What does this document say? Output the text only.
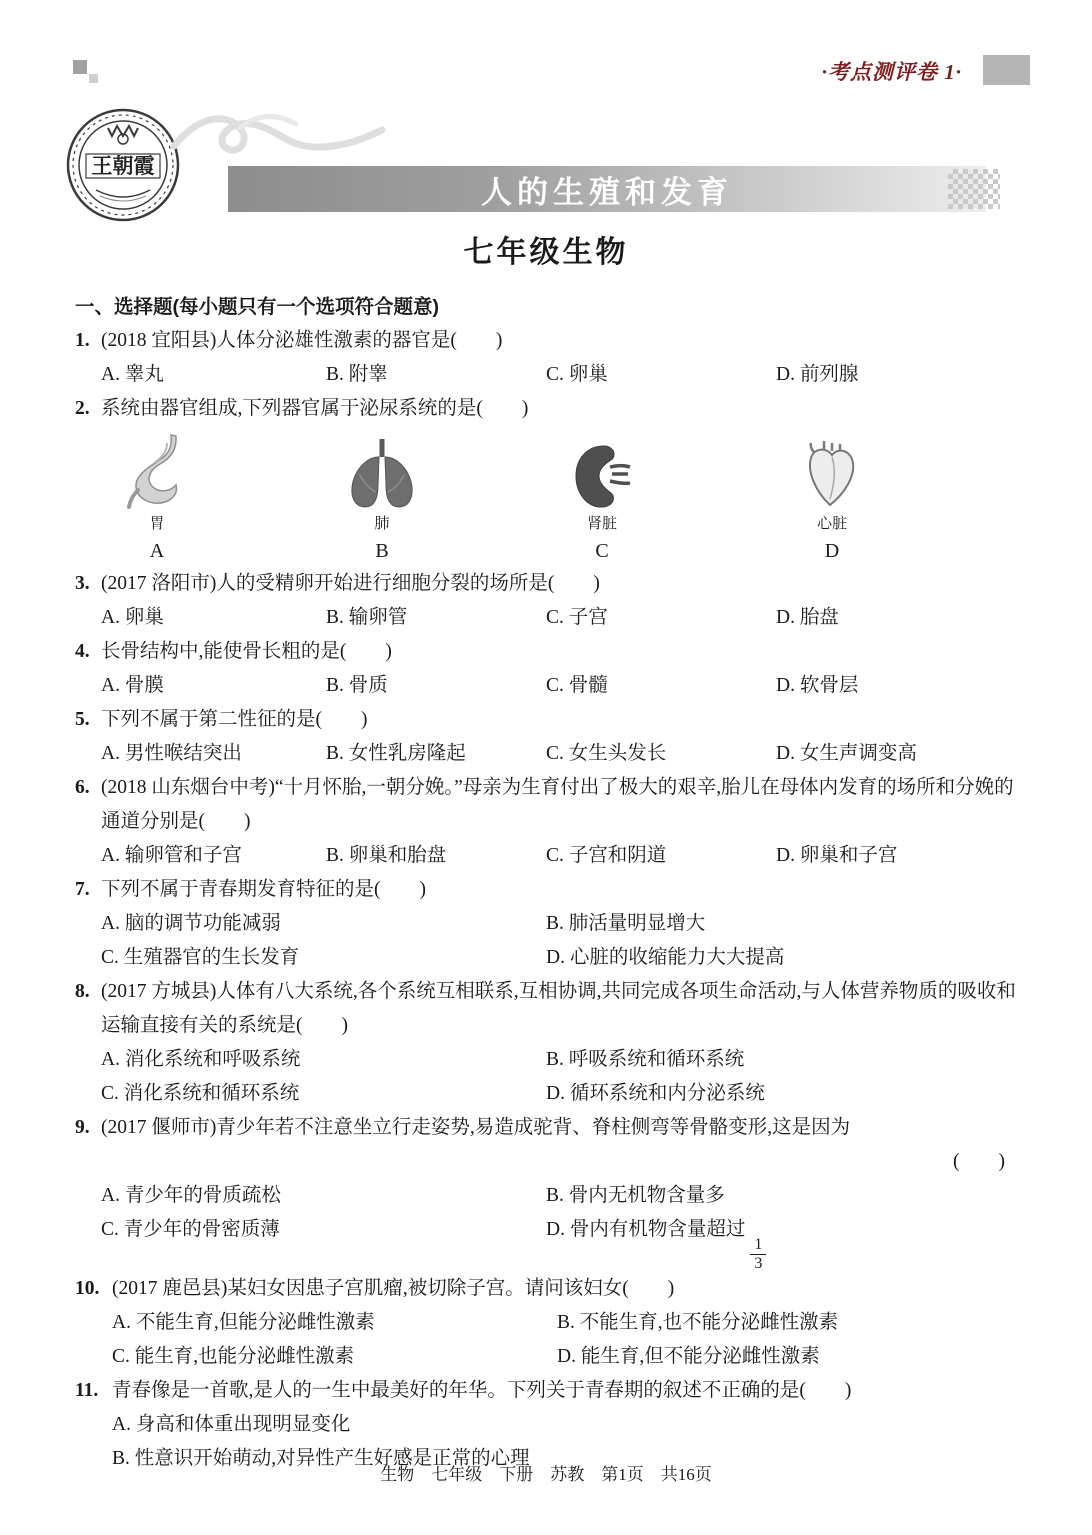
·考点测评卷 1·
王朝霞
人的生殖和发育
七年级生物
一、选择题(每小题只有一个选项符合题意)
1. (2018 宜阳县)人体分泌雄性激素的器官是(　　)
A. 睾丸	B. 附睾	C. 卵巢	D. 前列腺
2. 系统由器官组成,下列器官属于泌尿系统的是(　　)
胃	肺	肾脏	心脏
A	B	C	D
3. (2017 洛阳市)人的受精卵开始进行细胞分裂的场所是(　　)
A. 卵巢	B. 输卵管	C. 子宫	D. 胎盘
4. 长骨结构中,能使骨长粗的是(　　)
A. 骨膜	B. 骨质	C. 骨髓	D. 软骨层
5. 下列不属于第二性征的是(　　)
A. 男性喉结突出	B. 女性乳房隆起	C. 女生头发长	D. 女生声调变高
6. (2018 山东烟台中考)“十月怀胎,一朝分娩。”母亲为生育付出了极大的艰辛,胎儿在母体内发育的场所和分娩的通道分别是(　　)
A. 输卵管和子宫	B. 卵巢和胎盘	C. 子宫和阴道	D. 卵巢和子宫
7. 下列不属于青春期发育特征的是(　　)
A. 脑的调节功能减弱	B. 肺活量明显增大
C. 生殖器官的生长发育	D. 心脏的收缩能力大大提高
8. (2017 方城县)人体有八大系统,各个系统互相联系,互相协调,共同完成各项生命活动,与人体营养物质的吸收和运输直接有关的系统是(　　)
A. 消化系统和呼吸系统	B. 呼吸系统和循环系统
C. 消化系统和循环系统	D. 循环系统和内分泌系统
9. (2017 偃师市)青少年若不注意坐立行走姿势,易造成驼背、脊柱侧弯等骨骼变形,这是因为
(　　)
A. 青少年的骨质疏松	B. 骨内无机物含量多
C. 青少年的骨密质薄	D. 骨内有机物含量超过
$\frac{1}{3}$
10. (2017 鹿邑县)某妇女因患子宫肌瘤,被切除子宫。请问该妇女(　　)
A. 不能生育,但能分泌雌性激素	B. 不能生育,也不能分泌雌性激素
C. 能生育,也能分泌雌性激素	D. 能生育,但不能分泌雌性激素
11. 青春像是一首歌,是人的一生中最美好的年华。下列关于青春期的叙述不正确的是(　　)
A. 身高和体重出现明显变化
B. 性意识开始萌动,对异性产生好感是正常的心理
生物　七年级　下册　苏教　第1页　共16页
